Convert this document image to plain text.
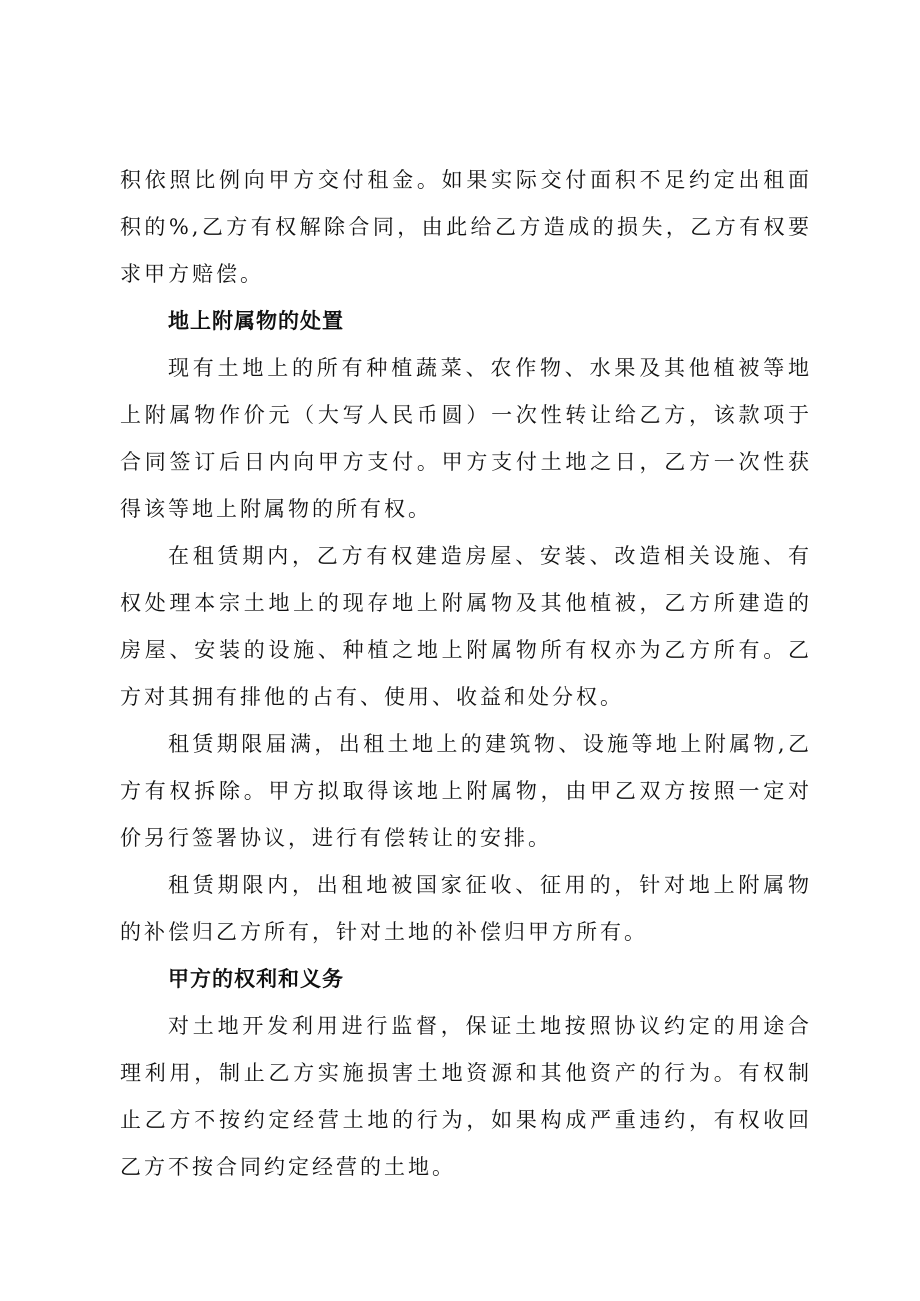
积依照比例向甲方交付租金。如果实际交付面积不足约定出租面积的%,乙方有权解除合同，由此给乙方造成的损失，乙方有权要求甲方赔偿。

地上附属物的处置

现有土地上的所有种植蔬菜、农作物、水果及其他植被等地上附属物作价元（大写人民币圆）一次性转让给乙方，该款项于合同签订后日内向甲方支付。甲方支付土地之日，乙方一次性获得该等地上附属物的所有权。

在租赁期内，乙方有权建造房屋、安装、改造相关设施、有权处理本宗土地上的现存地上附属物及其他植被，乙方所建造的房屋、安装的设施、种植之地上附属物所有权亦为乙方所有。乙方对其拥有排他的占有、使用、收益和处分权。

租赁期限届满，出租土地上的建筑物、设施等地上附属物,乙方有权拆除。甲方拟取得该地上附属物，由甲乙双方按照一定对价另行签署协议，进行有偿转让的安排。

租赁期限内，出租地被国家征收、征用的，针对地上附属物的补偿归乙方所有，针对土地的补偿归甲方所有。

甲方的权利和义务

对土地开发利用进行监督，保证土地按照协议约定的用途合理利用，制止乙方实施损害土地资源和其他资产的行为。有权制止乙方不按约定经营土地的行为，如果构成严重违约，有权收回乙方不按合同约定经营的土地。
